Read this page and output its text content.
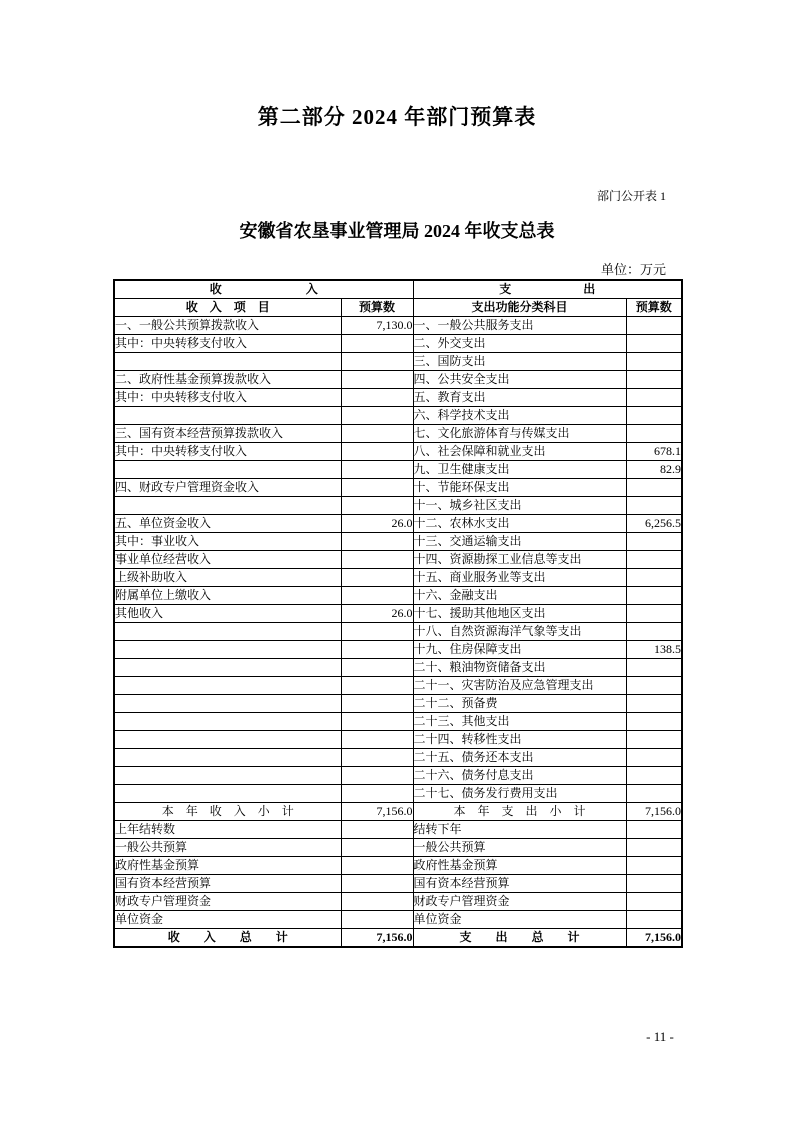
第二部分 2024 年部门预算表
部门公开表 1
安徽省农垦事业管理局 2024 年收支总表
单位：万元
收　　　　　　　入		支　　　　　　出	
收　入　项　目	预算数	支出功能分类科目	预算数
一、一般公共预算拨款收入	7,130.0	一、一般公共服务支出	
其中：中央转移支付收入		二、外交支出	
		三、国防支出	
二、政府性基金预算拨款收入		四、公共安全支出	
其中：中央转移支付收入		五、教育支出	
		六、科学技术支出	
三、国有资本经营预算拨款收入		七、文化旅游体育与传媒支出	
其中：中央转移支付收入		八、社会保障和就业支出	678.1
		九、卫生健康支出	82.9
四、财政专户管理资金收入		十、节能环保支出	
		十一、城乡社区支出	
五、单位资金收入	26.0	十二、农林水支出	6,256.5
其中：事业收入		十三、交通运输支出	
事业单位经营收入		十四、资源勘探工业信息等支出	
上级补助收入		十五、商业服务业等支出	
附属单位上缴收入		十六、金融支出	
其他收入	26.0	十七、援助其他地区支出	
		十八、自然资源海洋气象等支出	
		十九、住房保障支出	138.5
		二十、粮油物资储备支出	
		二十一、灾害防治及应急管理支出	
		二十二、预备费	
		二十三、其他支出	
		二十四、转移性支出	
		二十五、债务还本支出	
		二十六、债务付息支出	
		二十七、债务发行费用支出	
本　年　收　入　小　计	7,156.0	本　年　支　出　小　计	7,156.0
上年结转数		结转下年	
一般公共预算		一般公共预算	
政府性基金预算		政府性基金预算	
国有资本经营预算		国有资本经营预算	
财政专户管理资金		财政专户管理资金	
单位资金		单位资金	
收　　入　　总　　计	7,156.0	支　　出　　总　　计	7,156.0
- 11 -
